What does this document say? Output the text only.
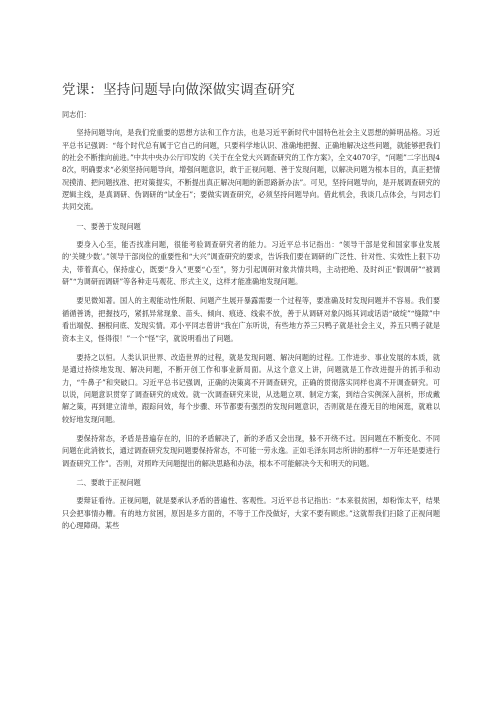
党课：坚持问题导向做深做实调查研究

同志们：

坚持问题导向，是我们党重要的思想方法和工作方法，也是习近平新时代中国特色社会主义思想的鲜明品格。习近平总书记强调：“每个时代总有属于它自己的问题，只要科学地认识、准确地把握、正确地解决这些问题，就能够把我们的社会不断推向前进。”中共中央办公厅印发的《关于在全党大兴调查研究的工作方案》，全文4070字，“问题”二字出现48次，明确要求“必须坚持问题导向，增强问题意识，敢于正视问题、善于发现问题，以解决问题为根本目的，真正把情况摸清、把问题找准、把对策提实，不断提出真正解决问题的新思路新办法”。可见，坚持问题导向，是开展调查研究的逻辑主线，是真调研、伪调研的“试金石”；要做实调查研究，必须坚持问题导向。借此机会，我谈几点体会，与同志们共同交流。

一、要善于发现问题

要身入心至，能否找准问题，很能考验调查研究者的能力。习近平总书记指出：“领导干部是党和国家事业发展的‘关键少数’。”领导干部岗位的重要性和“大兴”调查研究的要求，告诉我们要在调研的广泛性、针对性、实效性上狠下功夫，带着真心，保持虚心，既要“身入”更要“心至”，努力引起调研对象共情共鸣，主动把绝、及时纠正“假调研”“被调研”“为调研而调研”等各种走马观花、形式主义，这样才能准确地发现问题。

要见微知著。国人的主观能动性所限、问题产生展开暴露需要一个过程等，要准确及时发现问题并不容易。我们要循循善诱，把握技巧，紧抓异常现象、苗头、倾向、痕迹、线索不放，善于从调研对象闪烁其词或话语“破绽”“缝隙”中看出端倪、捆根问底、发现实情。邓小平同志曾讲“我在广东听说，有些地方养三只鸭子就是社会主义，养五只鸭子就是资本主义，怪得很！”一个“怪”字，就说明看出了问题。

要持之以恒。人类认识世界、改造世界的过程，就是发现问题、解决问题的过程。工作进步、事业发展的本质，就是通过持续地发现、解决问题，不断开创工作和事业新局面。从这个意义上讲，问题就是工作改进提升的抓手和动力，“牛鼻子”和突破口。习近平总书记强调，正确的决策离不开调查研究，正确的贯彻落实同样也离不开调查研究。可以说，问题意识贯穿了调查研究的成效。就一次调查研究来说，从选题立项、制定方案，到结合实例深入剖析，形成戴解之策，再到建立清单，跟踪问效，每个步骤、环节都要有强烈的发现问题意识，否则就是在漫无目的地闲逛，就难以较好地发现问题。

要保持常态，矛盾是普遍存在的，旧的矛盾解决了，新的矛盾又会出现，躲不开绕不过。因问题在不断变化、不同问题在此消彼长，通过调查研究发现问题要保持常态，不可能一劳永逸。正如毛泽东同志所讲的那样“一万年还是要进行调查研究工作”。否则，对照昨天问题提出的解决思路和办法，根本不可能解决今天和明天的问题。

二、要敢于正视问题

要辩证看待。正视问题，就是要承认矛盾的普遍性、客观性。习近平总书记指出：“本来很贫困，却粉饰太平，结果只会把事情办糟。有的地方贫困，原因是多方面的，不等于工作没做好，大家不要有顾虑。”这就帮我们扫除了正视问题的心理障碍。某些
